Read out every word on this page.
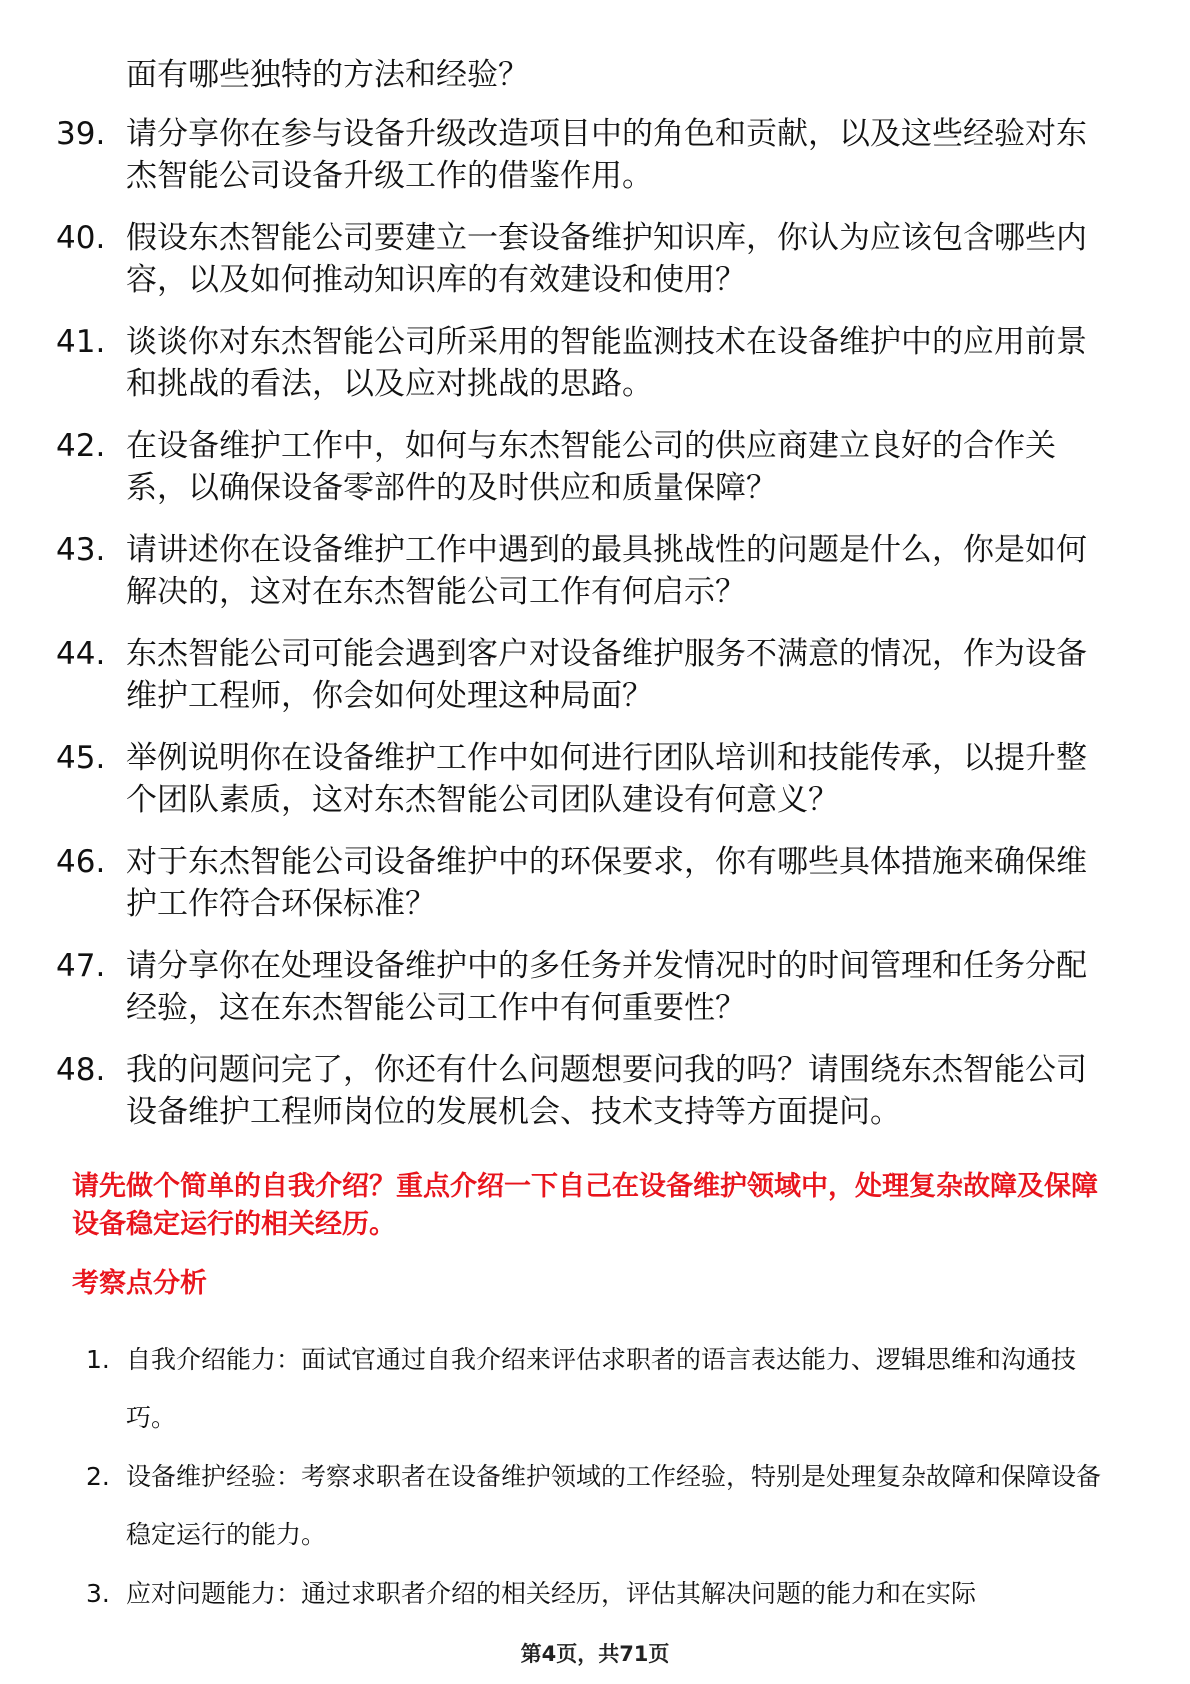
面有哪些独特的方法和经验？
39. 请分享你在参与设备升级改造项目中的角色和贡献，以及这些经验对东杰智能公司设备升级工作的借鉴作用。
40. 假设东杰智能公司要建立一套设备维护知识库，你认为应该包含哪些内容，以及如何推动知识库的有效建设和使用？
41. 谈谈你对东杰智能公司所采用的智能监测技术在设备维护中的应用前景和挑战的看法，以及应对挑战的思路。
42. 在设备维护工作中，如何与东杰智能公司的供应商建立良好的合作关系，以确保设备零部件的及时供应和质量保障？
43. 请讲述你在设备维护工作中遇到的最具挑战性的问题是什么，你是如何解决的，这对在东杰智能公司工作有何启示？
44. 东杰智能公司可能会遇到客户对设备维护服务不满意的情况，作为设备维护工程师，你会如何处理这种局面？
45. 举例说明你在设备维护工作中如何进行团队培训和技能传承，以提升整个团队素质，这对东杰智能公司团队建设有何意义？
46. 对于东杰智能公司设备维护中的环保要求，你有哪些具体措施来确保维护工作符合环保标准？
47. 请分享你在处理设备维护中的多任务并发情况时的时间管理和任务分配经验，这在东杰智能公司工作中有何重要性？
48. 我的问题问完了，你还有什么问题想要问我的吗？请围绕东杰智能公司设备维护工程师岗位的发展机会、技术支持等方面提问。
请先做个简单的自我介绍？重点介绍一下自己在设备维护领域中，处理复杂故障及保障设备稳定运行的相关经历。
考察点分析
1. 自我介绍能力：面试官通过自我介绍来评估求职者的语言表达能力、逻辑思维和沟通技巧。
2. 设备维护经验：考察求职者在设备维护领域的工作经验，特别是处理复杂故障和保障设备稳定运行的能力。
3. 应对问题能力：通过求职者介绍的相关经历，评估其解决问题的能力和在实际
第4页，共71页
